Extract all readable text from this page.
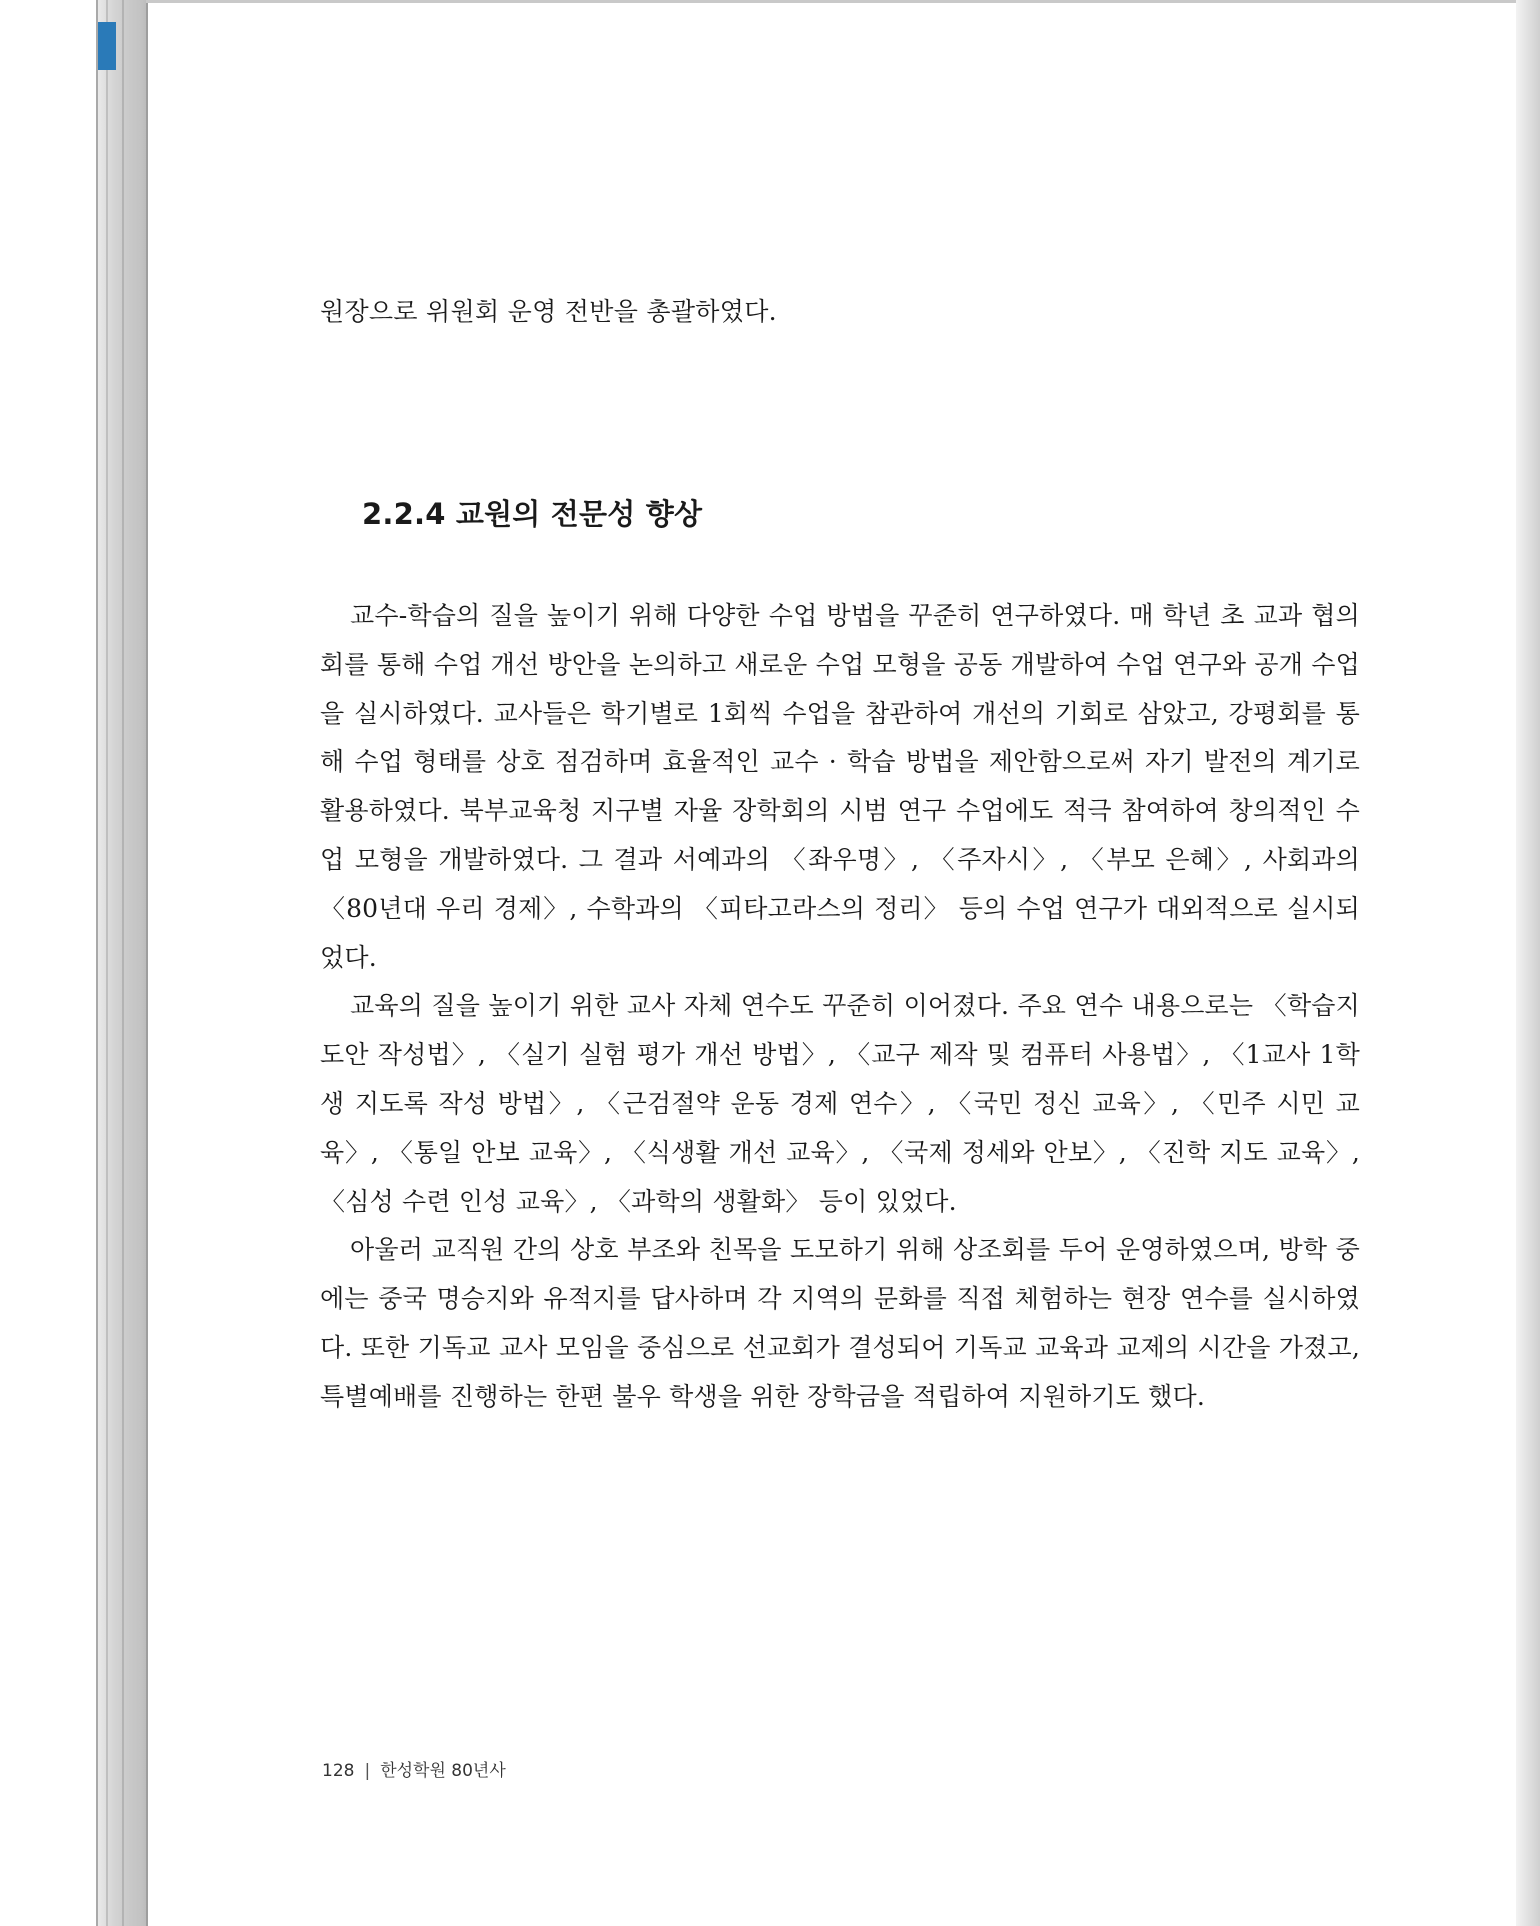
원장으로 위원회 운영 전반을 총괄하였다.
2.2.4 교원의 전문성 향상

교수-학습의 질을 높이기 위해 다양한 수업 방법을 꾸준히 연구하였다. 매 학년 초 교과 협의회를 통해 수업 개선 방안을 논의하고 새로운 수업 모형을 공동 개발하여 수업 연구와 공개 수업을 실시하였다. 교사들은 학기별로 1회씩 수업을 참관하여 개선의 기회로 삼았고, 강평회를 통해 수업 형태를 상호 점검하며 효율적인 교수 · 학습 방법을 제안함으로써 자기 발전의 계기로 활용하였다. 북부교육청 지구별 자율 장학회의 시범 연구 수업에도 적극 참여하여 창의적인 수업 모형을 개발하였다. 그 결과 서예과의 〈좌우명〉, 〈주자시〉, 〈부모 은혜〉, 사회과의 〈80년대 우리 경제〉, 수학과의 〈피타고라스의 정리〉 등의 수업 연구가 대외적으로 실시되었다.

교육의 질을 높이기 위한 교사 자체 연수도 꾸준히 이어졌다. 주요 연수 내용으로는 〈학습지도안 작성법〉, 〈실기 실험 평가 개선 방법〉, 〈교구 제작 및 컴퓨터 사용법〉, 〈1교사 1학생 지도록 작성 방법〉, 〈근검절약 운동 경제 연수〉, 〈국민 정신 교육〉, 〈민주 시민 교육〉, 〈통일 안보 교육〉, 〈식생활 개선 교육〉, 〈국제 정세와 안보〉, 〈진학 지도 교육〉, 〈심성 수련 인성 교육〉, 〈과학의 생활화〉 등이 있었다.

아울러 교직원 간의 상호 부조와 친목을 도모하기 위해 상조회를 두어 운영하였으며, 방학 중에는 중국 명승지와 유적지를 답사하며 각 지역의 문화를 직접 체험하는 현장 연수를 실시하였다. 또한 기독교 교사 모임을 중심으로 선교회가 결성되어 기독교 교육과 교제의 시간을 가졌고, 특별예배를 진행하는 한편 불우 학생을 위한 장학금을 적립하여 지원하기도 했다.

128 | 한성학원 80년사
